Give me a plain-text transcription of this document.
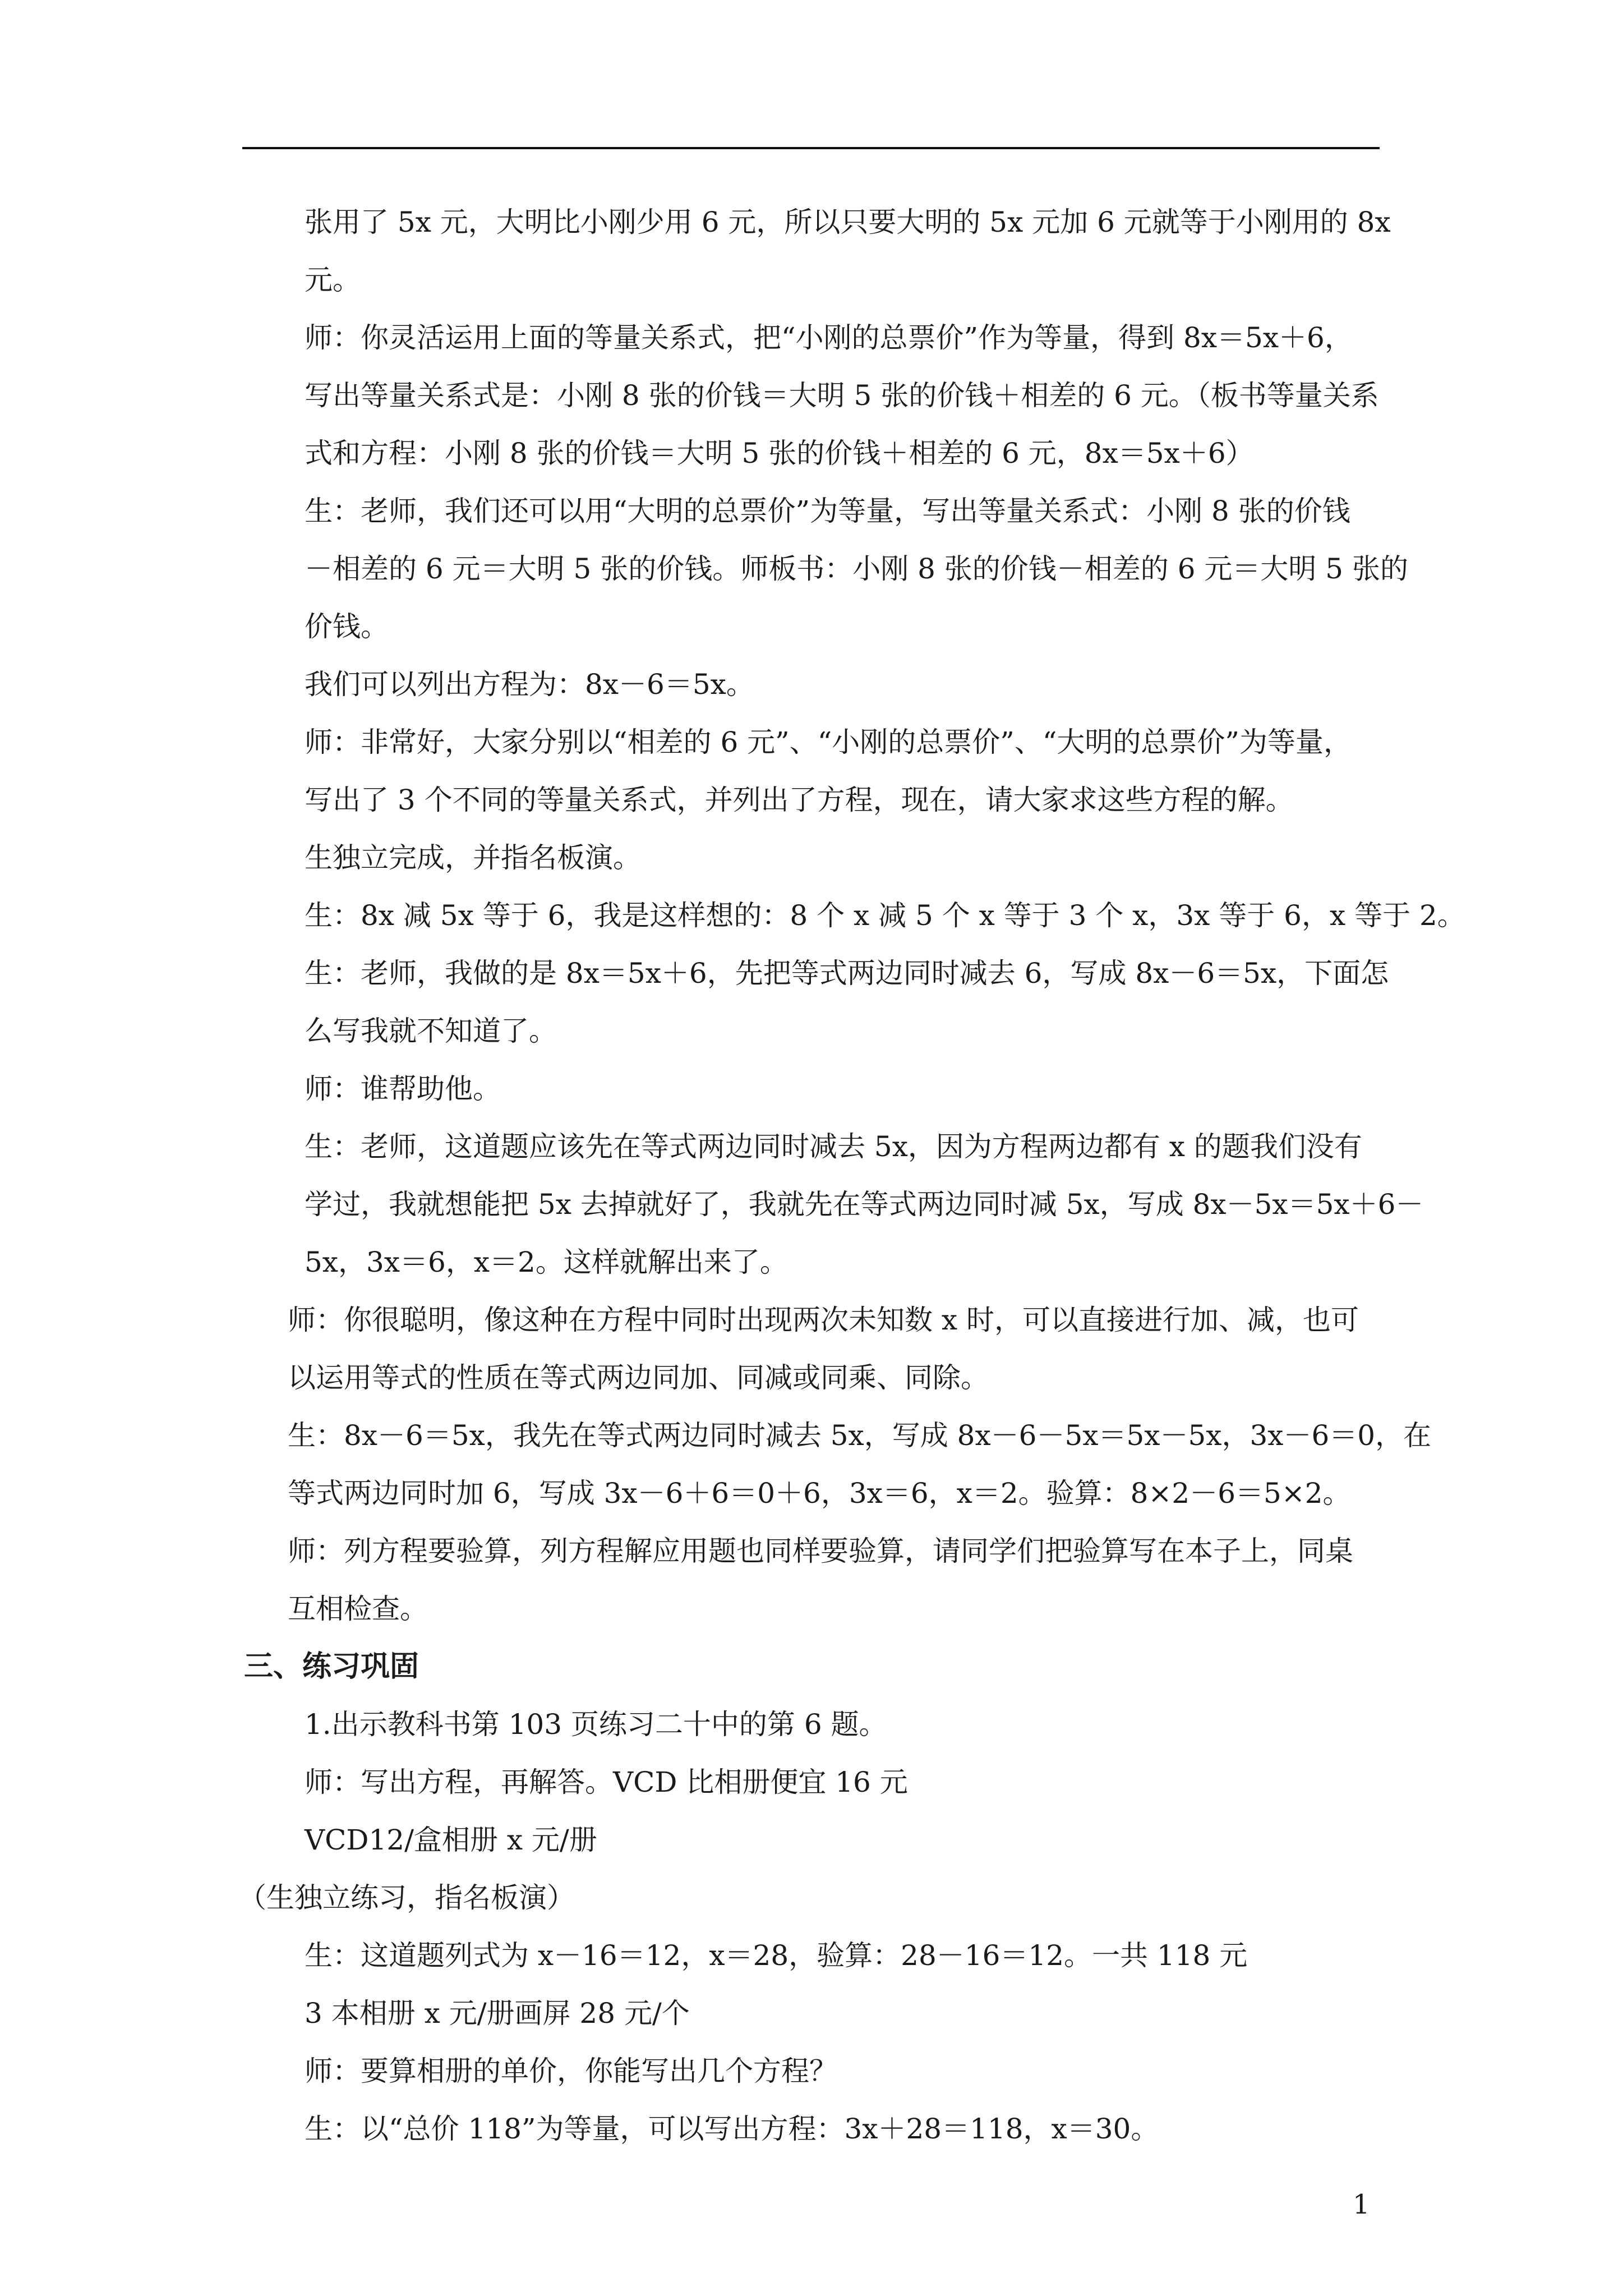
张用了 5x 元，大明比小刚少用 6 元，所以只要大明的 5x 元加 6 元就等于小刚用的 8x
元。
师：你灵活运用上面的等量关系式，把“小刚的总票价”作为等量，得到 8x＝5x＋6，
写出等量关系式是：小刚 8 张的价钱＝大明 5 张的价钱＋相差的 6 元。（板书等量关系
式和方程：小刚 8 张的价钱＝大明 5 张的价钱＋相差的 6 元，8x＝5x＋6）
生：老师，我们还可以用“大明的总票价”为等量，写出等量关系式：小刚 8 张的价钱
－相差的 6 元＝大明 5 张的价钱。师板书：小刚 8 张的价钱－相差的 6 元＝大明 5 张的
价钱。
我们可以列出方程为：8x－6＝5x。
师：非常好，大家分别以“相差的 6 元”、“小刚的总票价”、“大明的总票价”为等量，
写出了 3 个不同的等量关系式，并列出了方程，现在，请大家求这些方程的解。
生独立完成，并指名板演。
生：8x 减 5x 等于 6，我是这样想的：8 个 x 减 5 个 x 等于 3 个 x，3x 等于 6，x 等于 2。
生：老师，我做的是 8x＝5x＋6，先把等式两边同时减去 6，写成 8x－6＝5x，下面怎
么写我就不知道了。
师：谁帮助他。
生：老师，这道题应该先在等式两边同时减去 5x，因为方程两边都有 x 的题我们没有
学过，我就想能把 5x 去掉就好了，我就先在等式两边同时减 5x，写成 8x－5x＝5x＋6－
5x，3x＝6，x＝2。这样就解出来了。
师：你很聪明，像这种在方程中同时出现两次未知数 x 时，可以直接进行加、减，也可
以运用等式的性质在等式两边同加、同减或同乘、同除。
生：8x－6＝5x，我先在等式两边同时减去 5x，写成 8x－6－5x＝5x－5x，3x－6＝0，在
等式两边同时加 6，写成 3x－6＋6＝0＋6，3x＝6，x＝2。验算：8×2－6＝5×2。
师：列方程要验算，列方程解应用题也同样要验算，请同学们把验算写在本子上，同桌
互相检查。
三、练习巩固
1.出示教科书第 103 页练习二十中的第 6 题。
师：写出方程，再解答。VCD 比相册便宜 16 元
VCD12/盒相册 x 元/册
（生独立练习，指名板演）
生：这道题列式为 x－16＝12，x＝28，验算：28－16＝12。一共 118 元
3 本相册 x 元/册画屏 28 元/个
师：要算相册的单价，你能写出几个方程？
生：以“总价 118”为等量，可以写出方程：3x＋28＝118，x＝30。
1
